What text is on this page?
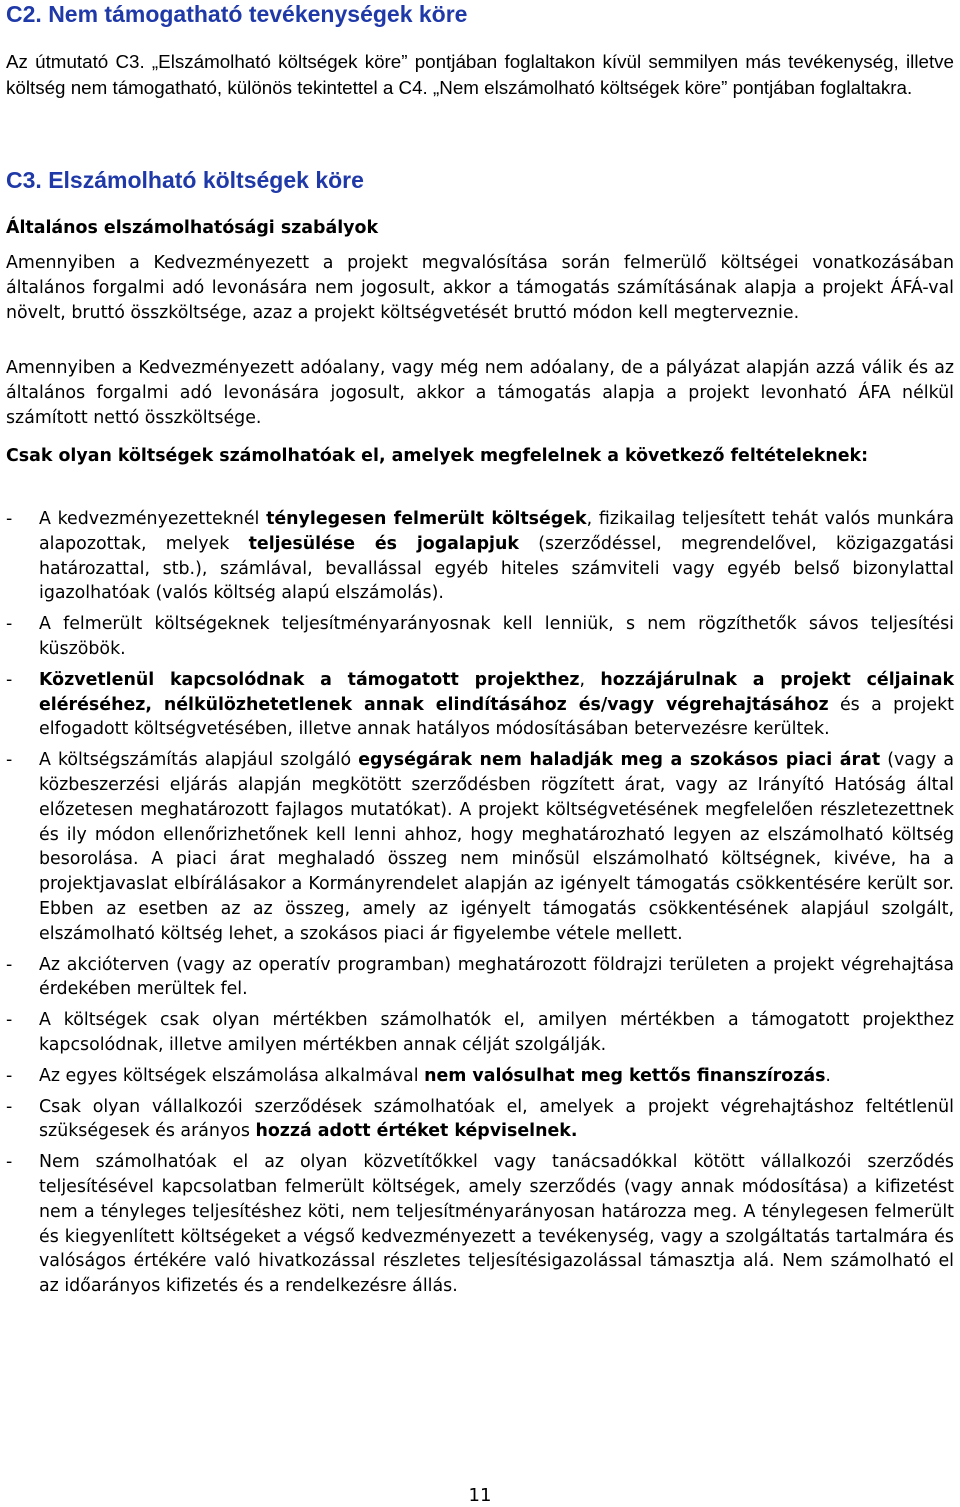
C2. Nem támogatható tevékenységek köre

Az útmutató C3. „Elszámolható költségek köre” pontjában foglaltakon kívül semmilyen más tevékenység, illetve költség nem támogatható, különös tekintettel a C4. „Nem elszámolható költségek köre” pontjában foglaltakra.

C3. Elszámolható költségek köre

Általános elszámolhatósági szabályok

Amennyiben a Kedvezményezett a projekt megvalósítása során felmerülő költségei vonatkozásában általános forgalmi adó levonására nem jogosult, akkor a támogatás számításának alapja a projekt ÁFÁ-val növelt, bruttó összköltsége, azaz a projekt költségvetését bruttó módon kell megterveznie.

Amennyiben a Kedvezményezett adóalany, vagy még nem adóalany, de a pályázat alapján azzá válik és az általános forgalmi adó levonására jogosult, akkor a támogatás alapja a projekt levonható ÁFA nélkül számított nettó összköltsége.

Csak olyan költségek számolhatóak el, amelyek megfelelnek a következő feltételeknek:

- A kedvezményezetteknél ténylegesen felmerült költségek, fizikailag teljesített tehát valós munkára alapozottak, melyek teljesülése és jogalapjuk (szerződéssel, megrendelővel, közigazgatási határozattal, stb.), számlával, bevallással egyéb hiteles számviteli vagy egyéb belső bizonylattal igazolhatóak (valós költség alapú elszámolás).
- A felmerült költségeknek teljesítményarányosnak kell lenniük, s nem rögzíthetők sávos teljesítési küszöbök.
- Közvetlenül kapcsolódnak a támogatott projekthez, hozzájárulnak a projekt céljainak eléréséhez, nélkülözhetetlenek annak elindításához és/vagy végrehajtásához és a projekt elfogadott költségvetésében, illetve annak hatályos módosításában betervezésre kerültek.
- A költségszámítás alapjául szolgáló egységárak nem haladják meg a szokásos piaci árat (vagy a közbeszerzési eljárás alapján megkötött szerződésben rögzített árat, vagy az Irányító Hatóság által előzetesen meghatározott fajlagos mutatókat). A projekt költségvetésének megfelelően részletezettnek és ily módon ellenőrizhetőnek kell lenni ahhoz, hogy meghatározható legyen az elszámolható költség besorolása. A piaci árat meghaladó összeg nem minősül elszámolható költségnek, kivéve, ha a projektjavaslat elbírálásakor a Kormányrendelet alapján az igényelt támogatás csökkentésére került sor. Ebben az esetben az az összeg, amely az igényelt támogatás csökkentésének alapjául szolgált, elszámolható költség lehet, a szokásos piaci ár figyelembe vétele mellett.
- Az akcióterven (vagy az operatív programban) meghatározott földrajzi területen a projekt végrehajtása érdekében merültek fel.
- A költségek csak olyan mértékben számolhatók el, amilyen mértékben a támogatott projekthez kapcsolódnak, illetve amilyen mértékben annak célját szolgálják.
- Az egyes költségek elszámolása alkalmával nem valósulhat meg kettős finanszírozás.
- Csak olyan vállalkozói szerződések számolhatóak el, amelyek a projekt végrehajtáshoz feltétlenül szükségesek és arányos hozzá adott értéket képviselnek.
- Nem számolhatóak el az olyan közvetítőkkel vagy tanácsadókkal kötött vállalkozói szerződés teljesítésével kapcsolatban felmerült költségek, amely szerződés (vagy annak módosítása) a kifizetést nem a tényleges teljesítéshez köti, nem teljesítményarányosan határozza meg. A ténylegesen felmerült és kiegyenlített költségeket a végső kedvezményezett a tevékenység, vagy a szolgáltatás tartalmára és valóságos értékére való hivatkozással részletes teljesítésigazolással támasztja alá. Nem számolható el az időarányos kifizetés és a rendelkezésre állás.
11
